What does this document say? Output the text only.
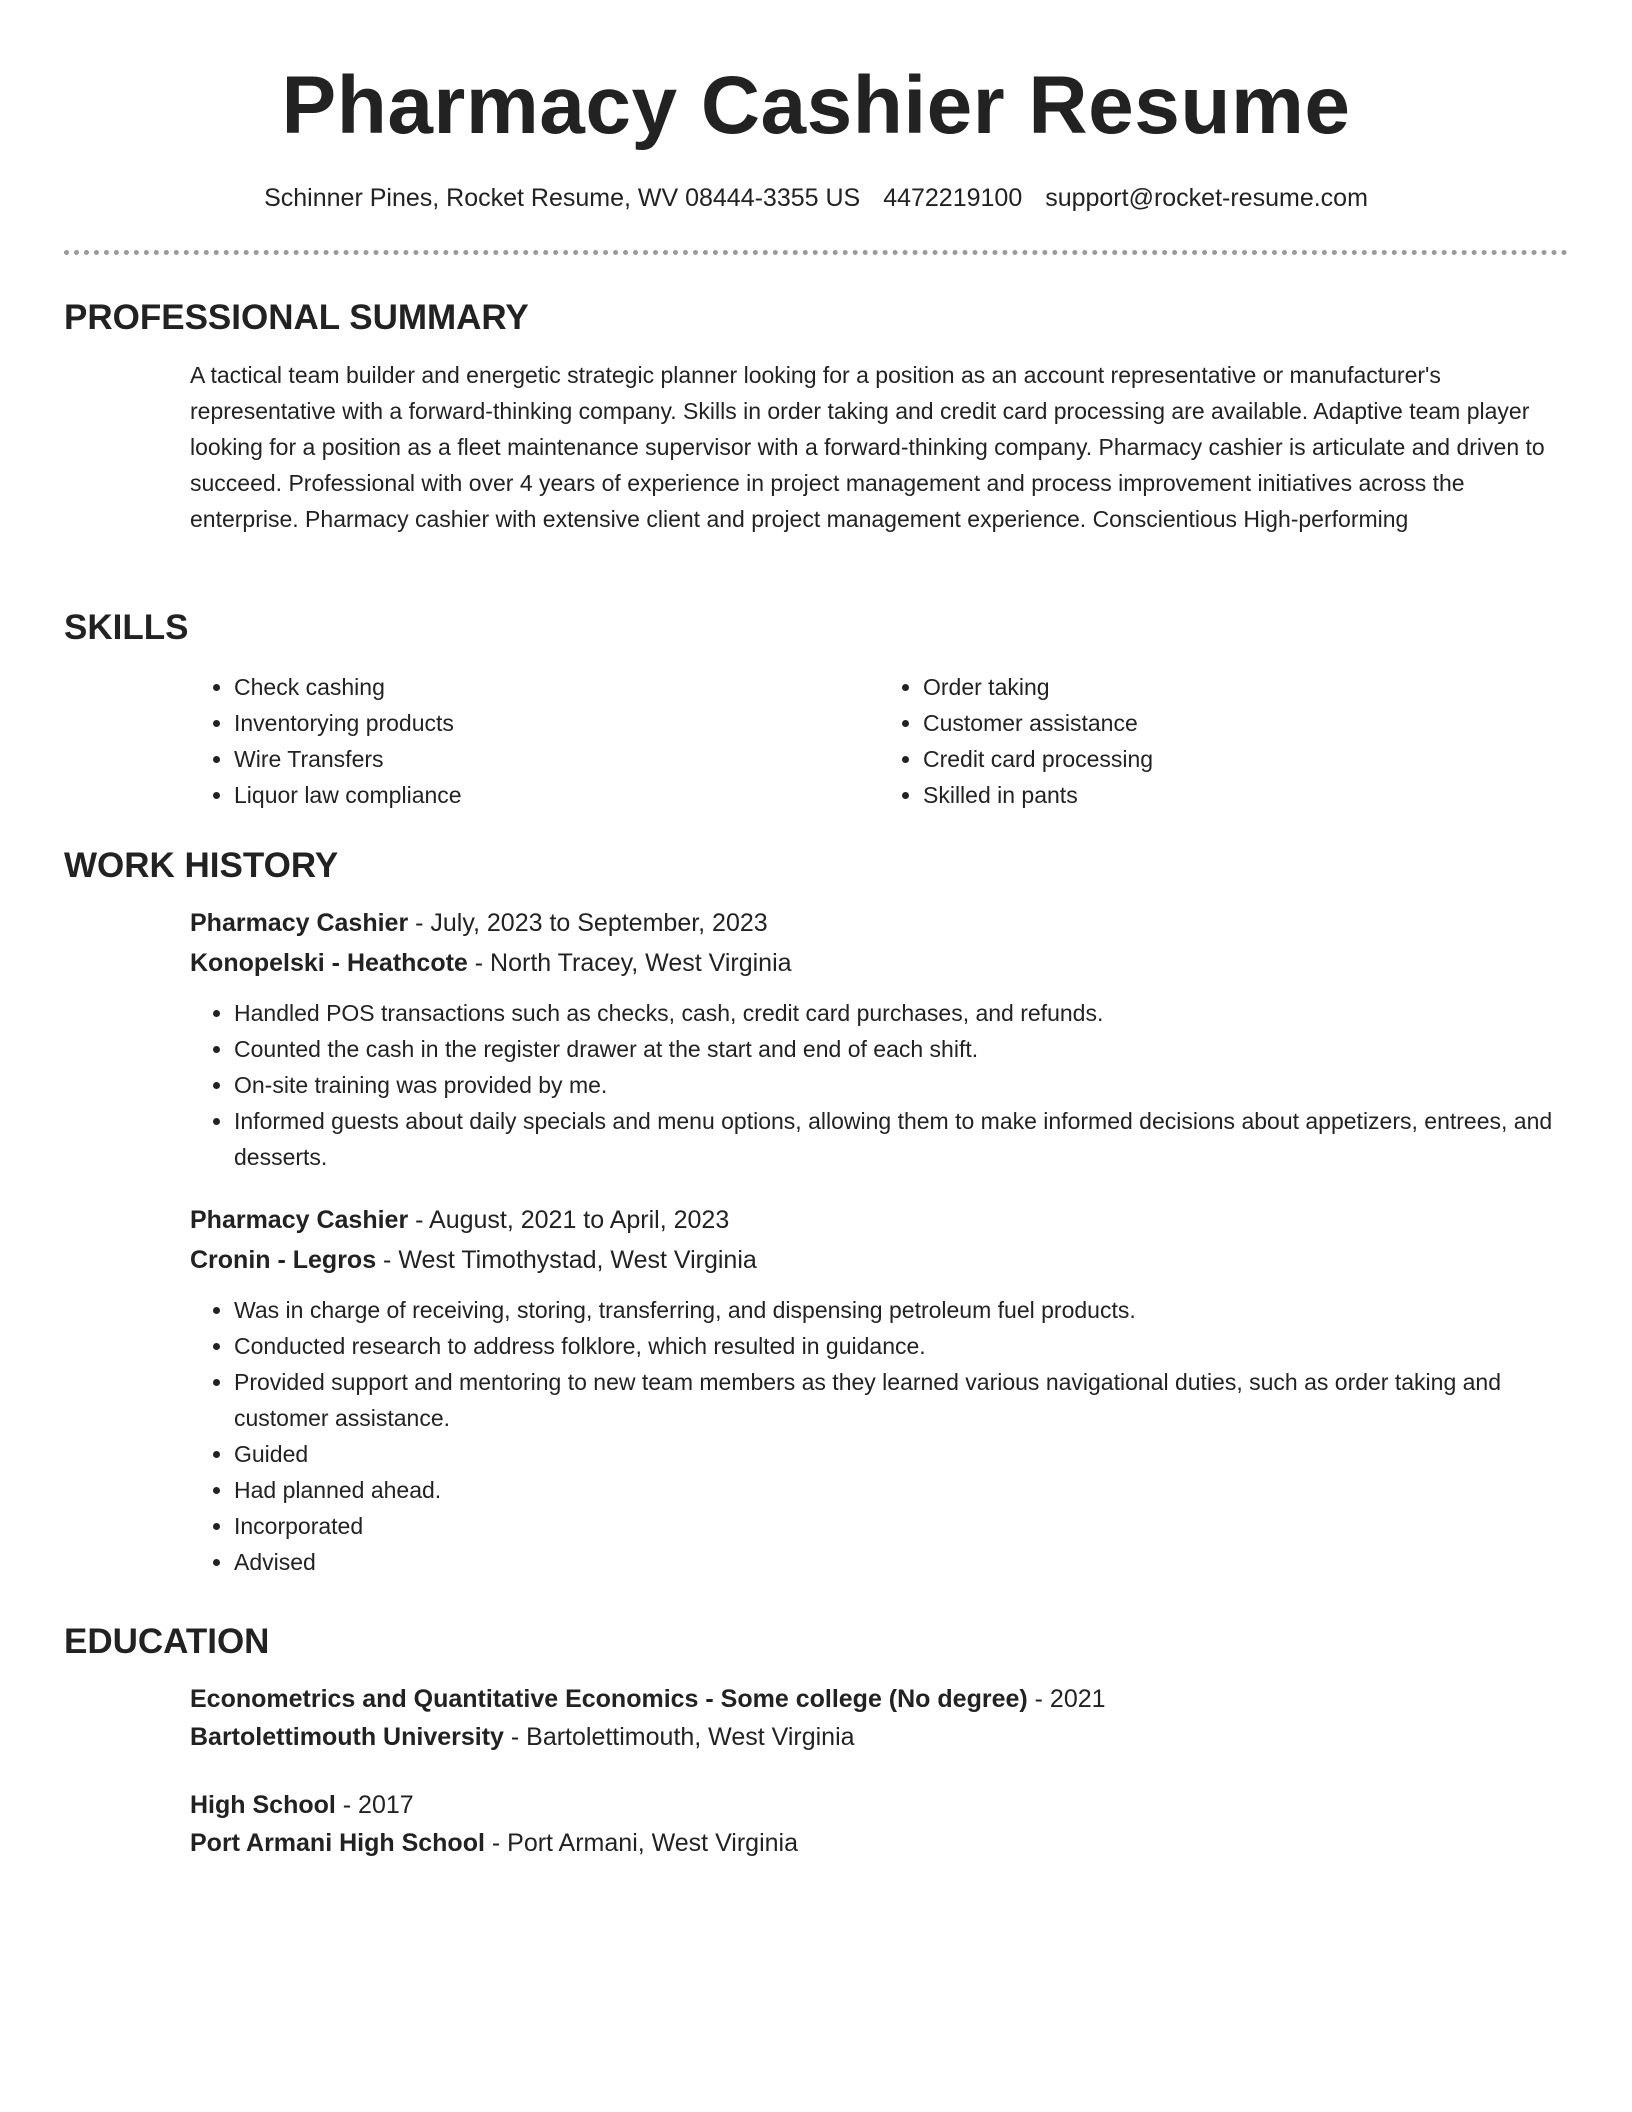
Pharmacy Cashier Resume
Schinner Pines, Rocket Resume, WV 08444-3355 US 4472219100 support@rocket-resume.com
PROFESSIONAL SUMMARY

A tactical team builder and energetic strategic planner looking for a position as an account representative or manufacturer's representative with a forward-thinking company. Skills in order taking and credit card processing are available. Adaptive team player looking for a position as a fleet maintenance supervisor with a forward-thinking company. Pharmacy cashier is articulate and driven to succeed. Professional with over 4 years of experience in project management and process improvement initiatives across the enterprise. Pharmacy cashier with extensive client and project management experience. Conscientious High-performing

SKILLS
• Check cashing
• Inventorying products
• Wire Transfers
• Liquor law compliance
• Order taking
• Customer assistance
• Credit card processing
• Skilled in pants
WORK HISTORY

Pharmacy Cashier - July, 2023 to September, 2023

Konopelski - Heathcote - North Tracey, West Virginia

• Handled POS transactions such as checks, cash, credit card purchases, and refunds.
• Counted the cash in the register drawer at the start and end of each shift.
• On-site training was provided by me.
• Informed guests about daily specials and menu options, allowing them to make informed decisions about appetizers, entrees, and desserts.

Pharmacy Cashier - August, 2021 to April, 2023

Cronin - Legros - West Timothystad, West Virginia

• Was in charge of receiving, storing, transferring, and dispensing petroleum fuel products.
• Conducted research to address folklore, which resulted in guidance.
• Provided support and mentoring to new team members as they learned various navigational duties, such as order taking and customer assistance.
• Guided
• Had planned ahead.
• Incorporated
• Advised
EDUCATION

Econometrics and Quantitative Economics - Some college (No degree) - 2021

Bartolettimouth University - Bartolettimouth, West Virginia

High School - 2017

Port Armani High School - Port Armani, West Virginia
